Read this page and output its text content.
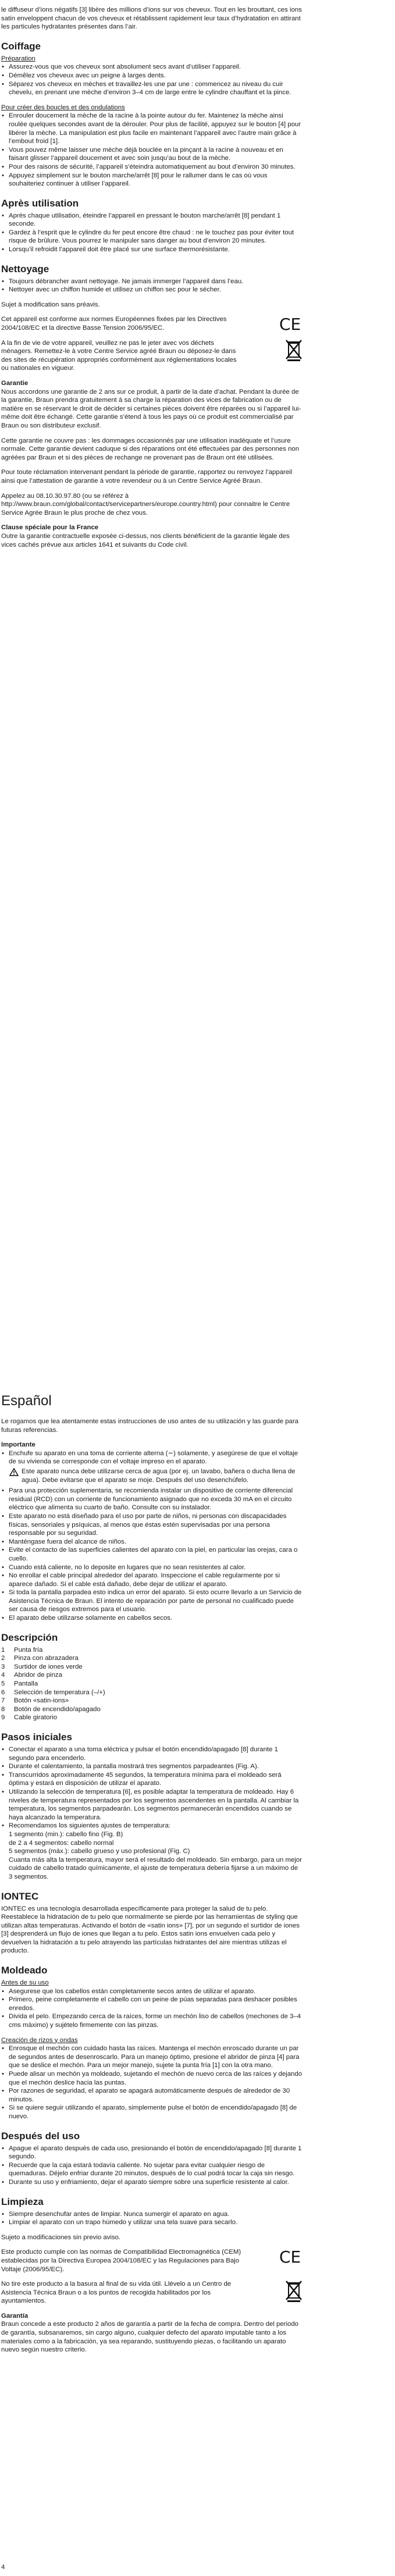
le diffuseur d’ions négatifs [3] libère des millions d’ions sur vos cheveux. Tout en les brouttant, ces ions satin enveloppent chacun de vos cheveux et rétablissent rapidement leur taux d’hydratation en attirant les particules hydratantes présentes dans l’air.

Coiffage

Préparation

• Assurez-vous que vos cheveux sont absolument secs avant d’utiliser l’appareil.
• Démêlez vos cheveux avec un peigne à larges dents.
• Séparez vos cheveux en mèches et travaillez-les une par une : commencez au niveau du cuir chevelu, en prenant une mèche d’environ 3–4 cm de large entre le cylindre chauffant et la pince.

Pour créer des boucles et des ondulations

• Enrouler doucement la mèche de la racine à la pointe autour du fer. Maintenez la mèche ainsi roulée quelques secondes avant de la dérouler. Pour plus de facilité, appuyez sur le bouton [4] pour libérer la mèche. La manipulation est plus facile en maintenant l’appareil avec l’autre main grâce à l’embout froid [1].
• Vous pouvez même laisser une mèche déjà bouclée en la pinçant à la racine à nouveau et en faisant glisser l’appareil doucement et avec soin jusqu’au bout de la mèche.
• Pour des raisons de sécurité, l’appareil s’éteindra automatiquement au bout d’environ 30 minutes.
• Appuyez simplement sur le bouton marche/arrêt [8] pour le rallumer dans le cas où vous souhaiteriez continuer à utiliser l’appareil.
Après utilisation
• Après chaque utilisation, éteindre l’appareil en pressant le bouton marche/arrêt [8] pendant 1 seconde.
• Gardez à l’esprit que le cylindre du fer peut encore être chaud : ne le touchez pas pour éviter tout risque de brûlure. Vous pourrez le manipuler sans danger au bout d’environ 20 minutes.
• Lorsqu’il refroidit l’appareil doit être placé sur une surface thermorésistante.
Nettoyage
• Toujours débrancher avant nettoyage. Ne jamais immerger l’appareil dans l’eau.
• Nettoyer avec un chiffon humide et utilisez un chiffon sec pour le sécher.

Sujet à modification sans préavis.

Cet appareil est conforme aux normes Européennes fixées par les Directives 2004/108/EC et la directive Basse Tension 2006/95/EC.	CE

A la fin de vie de votre appareil, veuillez ne pas le jeter avec vos déchets ménagers. Remettez-le à votre Centre Service agréé Braun ou déposez-le dans des sites de récupération appropriés conformément aux réglementations locales ou nationales en vigueur.

Garantie

Nous accordons une garantie de 2 ans sur ce produit, à partir de la date d’achat. Pendant la durée de la garantie, Braun prendra gratuitement à sa charge la réparation des vices de fabrication ou de matière en se réservant le droit de décider si certaines pièces doivent être réparées ou si l’appareil lui-même doit être échangé. Cette garantie s’étend à tous les pays où ce produit est commercialisé par Braun ou son distributeur exclusif.

Cette garantie ne couvre pas : les dommages occasionnés par une utilisation inadéquate et l’usure normale. Cette garantie devient caduque si des réparations ont été effectuées par des personnes non agréées par Braun et si des pièces de rechange ne provenant pas de Braun ont été utilisées.

Pour toute réclamation intervenant pendant la période de garantie, rapportez ou renvoyez l’appareil ainsi que l’attestation de garantie à votre revendeur ou à un Centre Service Agréé Braun.

Appelez au 08.10.30.97.80 (ou se référez à http://www.braun.com/global/contact/servicepartners/europe.country.html) pour connaitre le Centre Service Agrée Braun le plus proche de chez vous.

Clause spéciale pour la France

Outre la garantie contractuelle exposée ci-dessus, nos clients bénéficient de la garantie légale des vices cachés prévue aux articles 1641 et suivants du Code civil.

Español

Le rogamos que lea atentamente estas instrucciones de uso antes de su utilización y las guarde para futuras referencias.

Importante

• Enchufe su aparato en una toma de corriente alterna (∼) solamente, y asegúrese de que el voltaje de su vivienda se corresponde con el voltaje impreso en el aparato.
Este aparato nunca debe utilizarse cerca de agua (por ej. un lavabo, bañera o ducha llena de agua). Debe evitarse que el aparato se moje. Después del uso desenchúfelo.
• Para una protección suplementaria, se recomienda instalar un dispositivo de corriente diferencial residual (RCD) con un corriente de funcionamiento asignado que no exceda 30 mA en el circuito eléctrico que alimenta su cuarto de baño. Consulte con su instalador.
• Este aparato no está diseñado para el uso por parte de niños, ni personas con discapacidades físicas, sensoriales y psíquicas, al menos que éstas estén supervisadas por una persona responsable por su seguridad.
• Manténgase fuera del alcance de niños.
• Evite el contacto de las superficies calientes del aparato con la piel, en particular las orejas, cara o cuello.
• Cuando está caliente, no lo deposite en lugares que no sean resistentes al calor.
• No enrollar el cable principal alrededor del aparato. Inspeccione el cable regularmente por si aparece dañado. Si el cable está dañado, debe dejar de utilizar el aparato.
• Si toda la pantalla parpadea esto indica un error del aparato. Si esto ocurre llevarlo a un Servicio de Asistencia Técnica de Braun. El intento de reparación por parte de personal no cualificado puede ser causa de riesgos extremos para el usuario.
• El aparato debe utilizarse solamente en cabellos secos.
Descripción
1	Punta fría
2	Pinza con abrazadera
3	Surtidor de iones verde
4	Abridor de pinza
5	Pantalla
6	Selección de temperatura (–/+)
7	Botón «satin-ions»
8	Botón de encendido/apagado
9	Cable giratorio
Pasos iniciales
• Conectar el aparato a una toma eléctrica y pulsar el botón encendido/apagado [8] durante 1 segundo para encenderlo.
• Durante el calentamiento, la pantalla mostrará tres segmentos parpadeantes (Fig. A).
• Transcurridos aproximadamente 45 segundos, la temperatura mínima para el moldeado será óptima y estará en disposición de utilizar el aparato.
• Utilizando la selección de temperatura [6], es posible adaptar la temperatura de moldeado. Hay 6 niveles de temperatura representados por los segmentos ascendentes en la pantalla. Al cambiar la temperatura, los segmentos parpadearán. Los segmentos permanecerán encendidos cuando se haya alcanzado la temperatura.
• Recomendamos los siguientes ajustes de temperatura:
1 segmento (min.): cabello fino (Fig. B)
de 2 a 4 segmentos: cabello normal
5 segmentos (máx.): cabello grueso y uso profesional (Fig. C)

Cuanta más alta la temperatura, mayor será el resultado del moldeado. Sin embargo, para un mejor cuidado de cabello tratado químicamente, el ajuste de temperatura debería fijarse a un máximo de 3 segmentos.

IONTEC

IONTEC es una tecnología desarrollada específicamente para proteger la salud de tu pelo. Reestablece la hidratación de tu pelo que normalmente se pierde por las herramientas de styling que utilizan altas temperaturas. Activando el botón de «satin ions» [7], por un segundo el surtidor de iones [3] desprenderá un flujo de iones que llegan a tu pelo. Estos satin ions envuelven cada pelo y devuelven la hidratación a tu pelo atrayendo las partículas hidratantes del aire mientras utilizas el producto.

Moldeado

Antes de su uso

• Asegurese que los cabellos están completamente secos antes de utilizar el aparato.
• Primero, peine completamente el cabello con un peine de púas separadas para deshacer posibles enredos.
• Divida el pelo. Empezando cerca de la raíces, forme un mechón liso de cabellos (mechones de 3–4 cms máximo) y sujételo firmemente con las pinzas.

Creación de rizos y ondas

• Enrosque el mechón con cuidado hasta las raíces. Mantenga el mechón enroscado durante un par de segundos antes de desenroscarlo. Para un manejo óptimo, presione el abridor de pinza [4] para que se deslice el mechón. Para un mejor manejo, sujete la punta fría [1] con la otra mano.
• Puede alisar un mechón ya moldeado, sujetando el mechón de nuevo cerca de las raíces y dejando que el mechón deslice hacia las puntas.
• Por razones de seguridad, el aparato se apagará automáticamente después de alrededor de 30 minutos.
• Si se quiere seguir utilizando el aparato, simplemente pulse el botón de encendido/apagado [8] de nuevo.
Después del uso
• Apague el aparato después de cada uso, presionando el botón de encendido/apagado [8] durante 1 segundo.
• Recuerde que la caja estará todavía caliente. No sujetar para evitar cualquier riesgo de quemaduras. Déjelo enfriar durante 20 minutos, después de lo cual podrá tocar la caja sin riesgo.
• Durante su uso y enfriamiento, dejar el aparato siempre sobre una superficie resistente al calor.
Limpieza
• Siempre desenchufar antes de limpiar. Nunca sumergir el aparato en agua.
• Limpiar el aparato con un trapo húmedo y utilizar una tela suave para secarlo.

Sujeto a modificaciones sin previo aviso.

Este producto cumple con las normas de Compatibilidad Electromagnética (CEM) establecidas por la Directiva Europea 2004/108/EC y las Regulaciones para Bajo Voltaje (2006/95/EC).

CE

No tire este producto a la basura al final de su vida útil. Llévelo a un Centro de Asistencia Técnica Braun o a los puntos de recogida habilitados por los ayuntamientos.

Garantía

Braun concede a este producto 2 años de garantía a partir de la fecha de compra. Dentro del periodo de garantía, subsanaremos, sin cargo alguno, cualquier defecto del aparato imputable tanto a los materiales como a la fabricación, ya sea reparando, sustituyendo piezas, o facilitando un aparato nuevo según nuestro criterio.

4
